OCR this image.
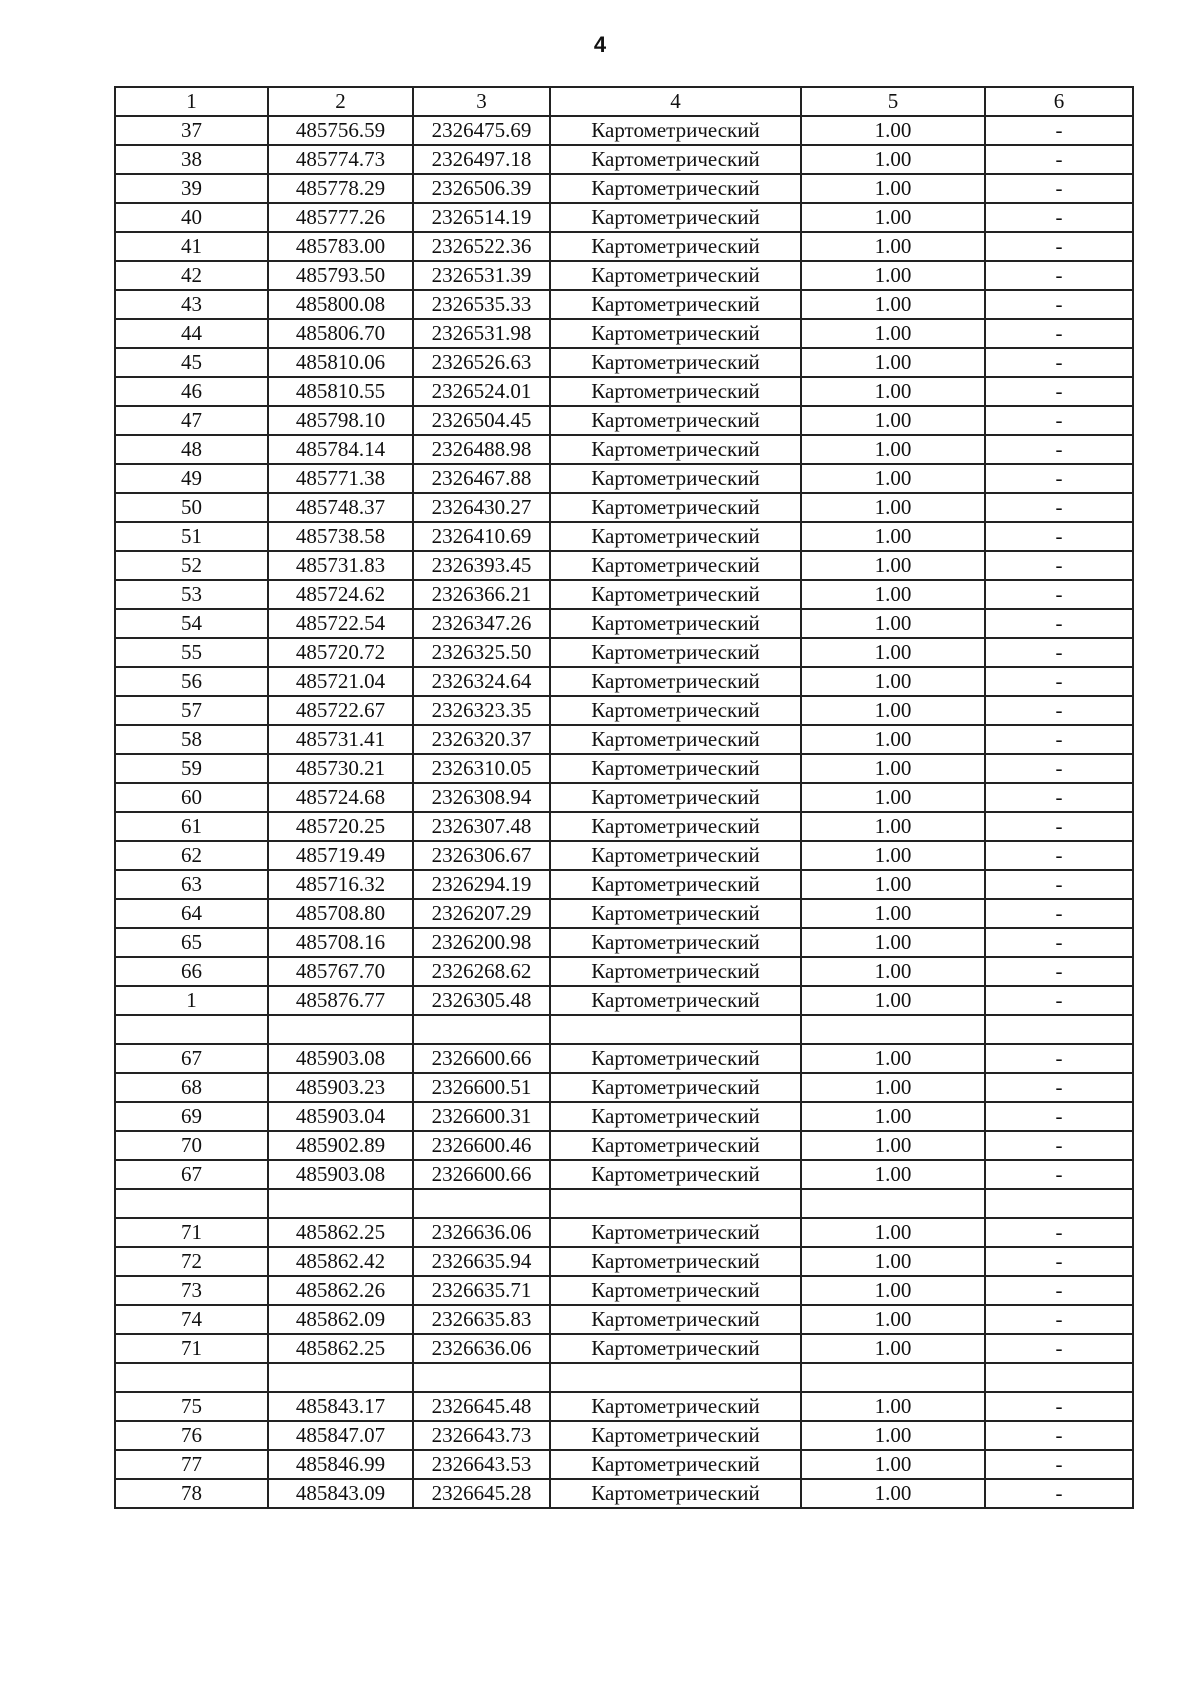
4
1	2	3	4	5	6
37	485756.59	2326475.69	Картометрический	1.00	-
38	485774.73	2326497.18	Картометрический	1.00	-
39	485778.29	2326506.39	Картометрический	1.00	-
40	485777.26	2326514.19	Картометрический	1.00	-
41	485783.00	2326522.36	Картометрический	1.00	-
42	485793.50	2326531.39	Картометрический	1.00	-
43	485800.08	2326535.33	Картометрический	1.00	-
44	485806.70	2326531.98	Картометрический	1.00	-
45	485810.06	2326526.63	Картометрический	1.00	-
46	485810.55	2326524.01	Картометрический	1.00	-
47	485798.10	2326504.45	Картометрический	1.00	-
48	485784.14	2326488.98	Картометрический	1.00	-
49	485771.38	2326467.88	Картометрический	1.00	-
50	485748.37	2326430.27	Картометрический	1.00	-
51	485738.58	2326410.69	Картометрический	1.00	-
52	485731.83	2326393.45	Картометрический	1.00	-
53	485724.62	2326366.21	Картометрический	1.00	-
54	485722.54	2326347.26	Картометрический	1.00	-
55	485720.72	2326325.50	Картометрический	1.00	-
56	485721.04	2326324.64	Картометрический	1.00	-
57	485722.67	2326323.35	Картометрический	1.00	-
58	485731.41	2326320.37	Картометрический	1.00	-
59	485730.21	2326310.05	Картометрический	1.00	-
60	485724.68	2326308.94	Картометрический	1.00	-
61	485720.25	2326307.48	Картометрический	1.00	-
62	485719.49	2326306.67	Картометрический	1.00	-
63	485716.32	2326294.19	Картометрический	1.00	-
64	485708.80	2326207.29	Картометрический	1.00	-
65	485708.16	2326200.98	Картометрический	1.00	-
66	485767.70	2326268.62	Картометрический	1.00	-
1	485876.77	2326305.48	Картометрический	1.00	-

67	485903.08	2326600.66	Картометрический	1.00	-
68	485903.23	2326600.51	Картометрический	1.00	-
69	485903.04	2326600.31	Картометрический	1.00	-
70	485902.89	2326600.46	Картометрический	1.00	-
67	485903.08	2326600.66	Картометрический	1.00	-

71	485862.25	2326636.06	Картометрический	1.00	-
72	485862.42	2326635.94	Картометрический	1.00	-
73	485862.26	2326635.71	Картометрический	1.00	-
74	485862.09	2326635.83	Картометрический	1.00	-
71	485862.25	2326636.06	Картометрический	1.00	-

75	485843.17	2326645.48	Картометрический	1.00	-
76	485847.07	2326643.73	Картометрический	1.00	-
77	485846.99	2326643.53	Картометрический	1.00	-
78	485843.09	2326645.28	Картометрический	1.00	-
